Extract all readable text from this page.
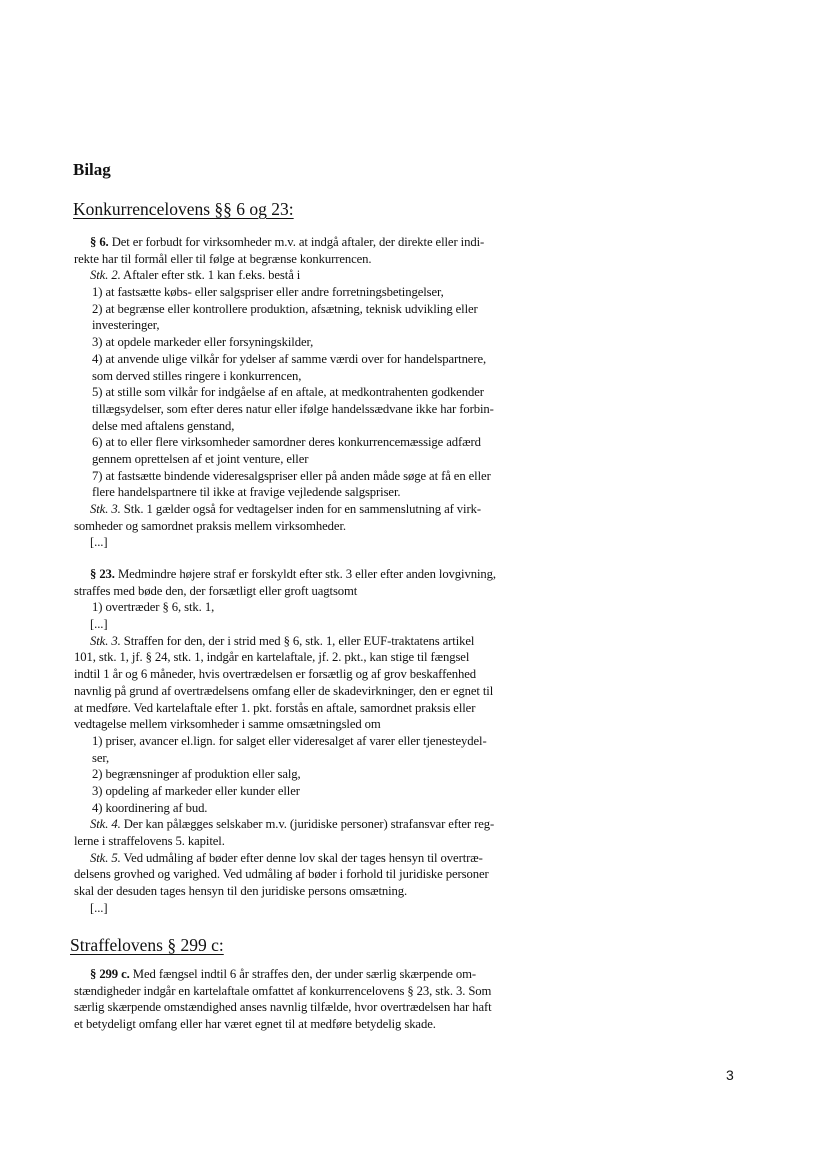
Bilag
Konkurrencelovens §§ 6 og 23:
§ 6. Det er forbudt for virksomheder m.v. at indgå aftaler, der direkte eller indi-
rekte har til formål eller til følge at begrænse konkurrencen.
Stk. 2. Aftaler efter stk. 1 kan f.eks. bestå i
1) at fastsætte købs- eller salgspriser eller andre forretningsbetingelser,
2) at begrænse eller kontrollere produktion, afsætning, teknisk udvikling eller
investeringer,
3) at opdele markeder eller forsyningskilder,
4) at anvende ulige vilkår for ydelser af samme værdi over for handelspartnere,
som derved stilles ringere i konkurrencen,
5) at stille som vilkår for indgåelse af en aftale, at medkontrahenten godkender
tillægsydelser, som efter deres natur eller ifølge handelssædvane ikke har forbin-
delse med aftalens genstand,
6) at to eller flere virksomheder samordner deres konkurrencemæssige adfærd
gennem oprettelsen af et joint venture, eller
7) at fastsætte bindende videresalgspriser eller på anden måde søge at få en eller
flere handelspartnere til ikke at fravige vejledende salgspriser.
Stk. 3. Stk. 1 gælder også for vedtagelser inden for en sammenslutning af virk-
somheder og samordnet praksis mellem virksomheder.
[...]
§ 23. Medmindre højere straf er forskyldt efter stk. 3 eller efter anden lovgivning,
straffes med bøde den, der forsætligt eller groft uagtsomt
1) overtræder § 6, stk. 1,
[...]
Stk. 3. Straffen for den, der i strid med § 6, stk. 1, eller EUF-traktatens artikel
101, stk. 1, jf. § 24, stk. 1, indgår en kartelaftale, jf. 2. pkt., kan stige til fængsel
indtil 1 år og 6 måneder, hvis overtrædelsen er forsætlig og af grov beskaffenhed
navnlig på grund af overtrædelsens omfang eller de skadevirkninger, den er egnet til
at medføre. Ved kartelaftale efter 1. pkt. forstås en aftale, samordnet praksis eller
vedtagelse mellem virksomheder i samme omsætningsled om
1) priser, avancer el.lign. for salget eller videresalget af varer eller tjenesteydel-
ser,
2) begrænsninger af produktion eller salg,
3) opdeling af markeder eller kunder eller
4) koordinering af bud.
Stk. 4. Der kan pålægges selskaber m.v. (juridiske personer) strafansvar efter reg-
lerne i straffelovens 5. kapitel.
Stk. 5. Ved udmåling af bøder efter denne lov skal der tages hensyn til overtræ-
delsens grovhed og varighed. Ved udmåling af bøder i forhold til juridiske personer
skal der desuden tages hensyn til den juridiske persons omsætning.
[...]
Straffelovens § 299 c:
§ 299 c. Med fængsel indtil 6 år straffes den, der under særlig skærpende om-
stændigheder indgår en kartelaftale omfattet af konkurrencelovens § 23, stk. 3. Som
særlig skærpende omstændighed anses navnlig tilfælde, hvor overtrædelsen har haft
et betydeligt omfang eller har været egnet til at medføre betydelig skade.
3
